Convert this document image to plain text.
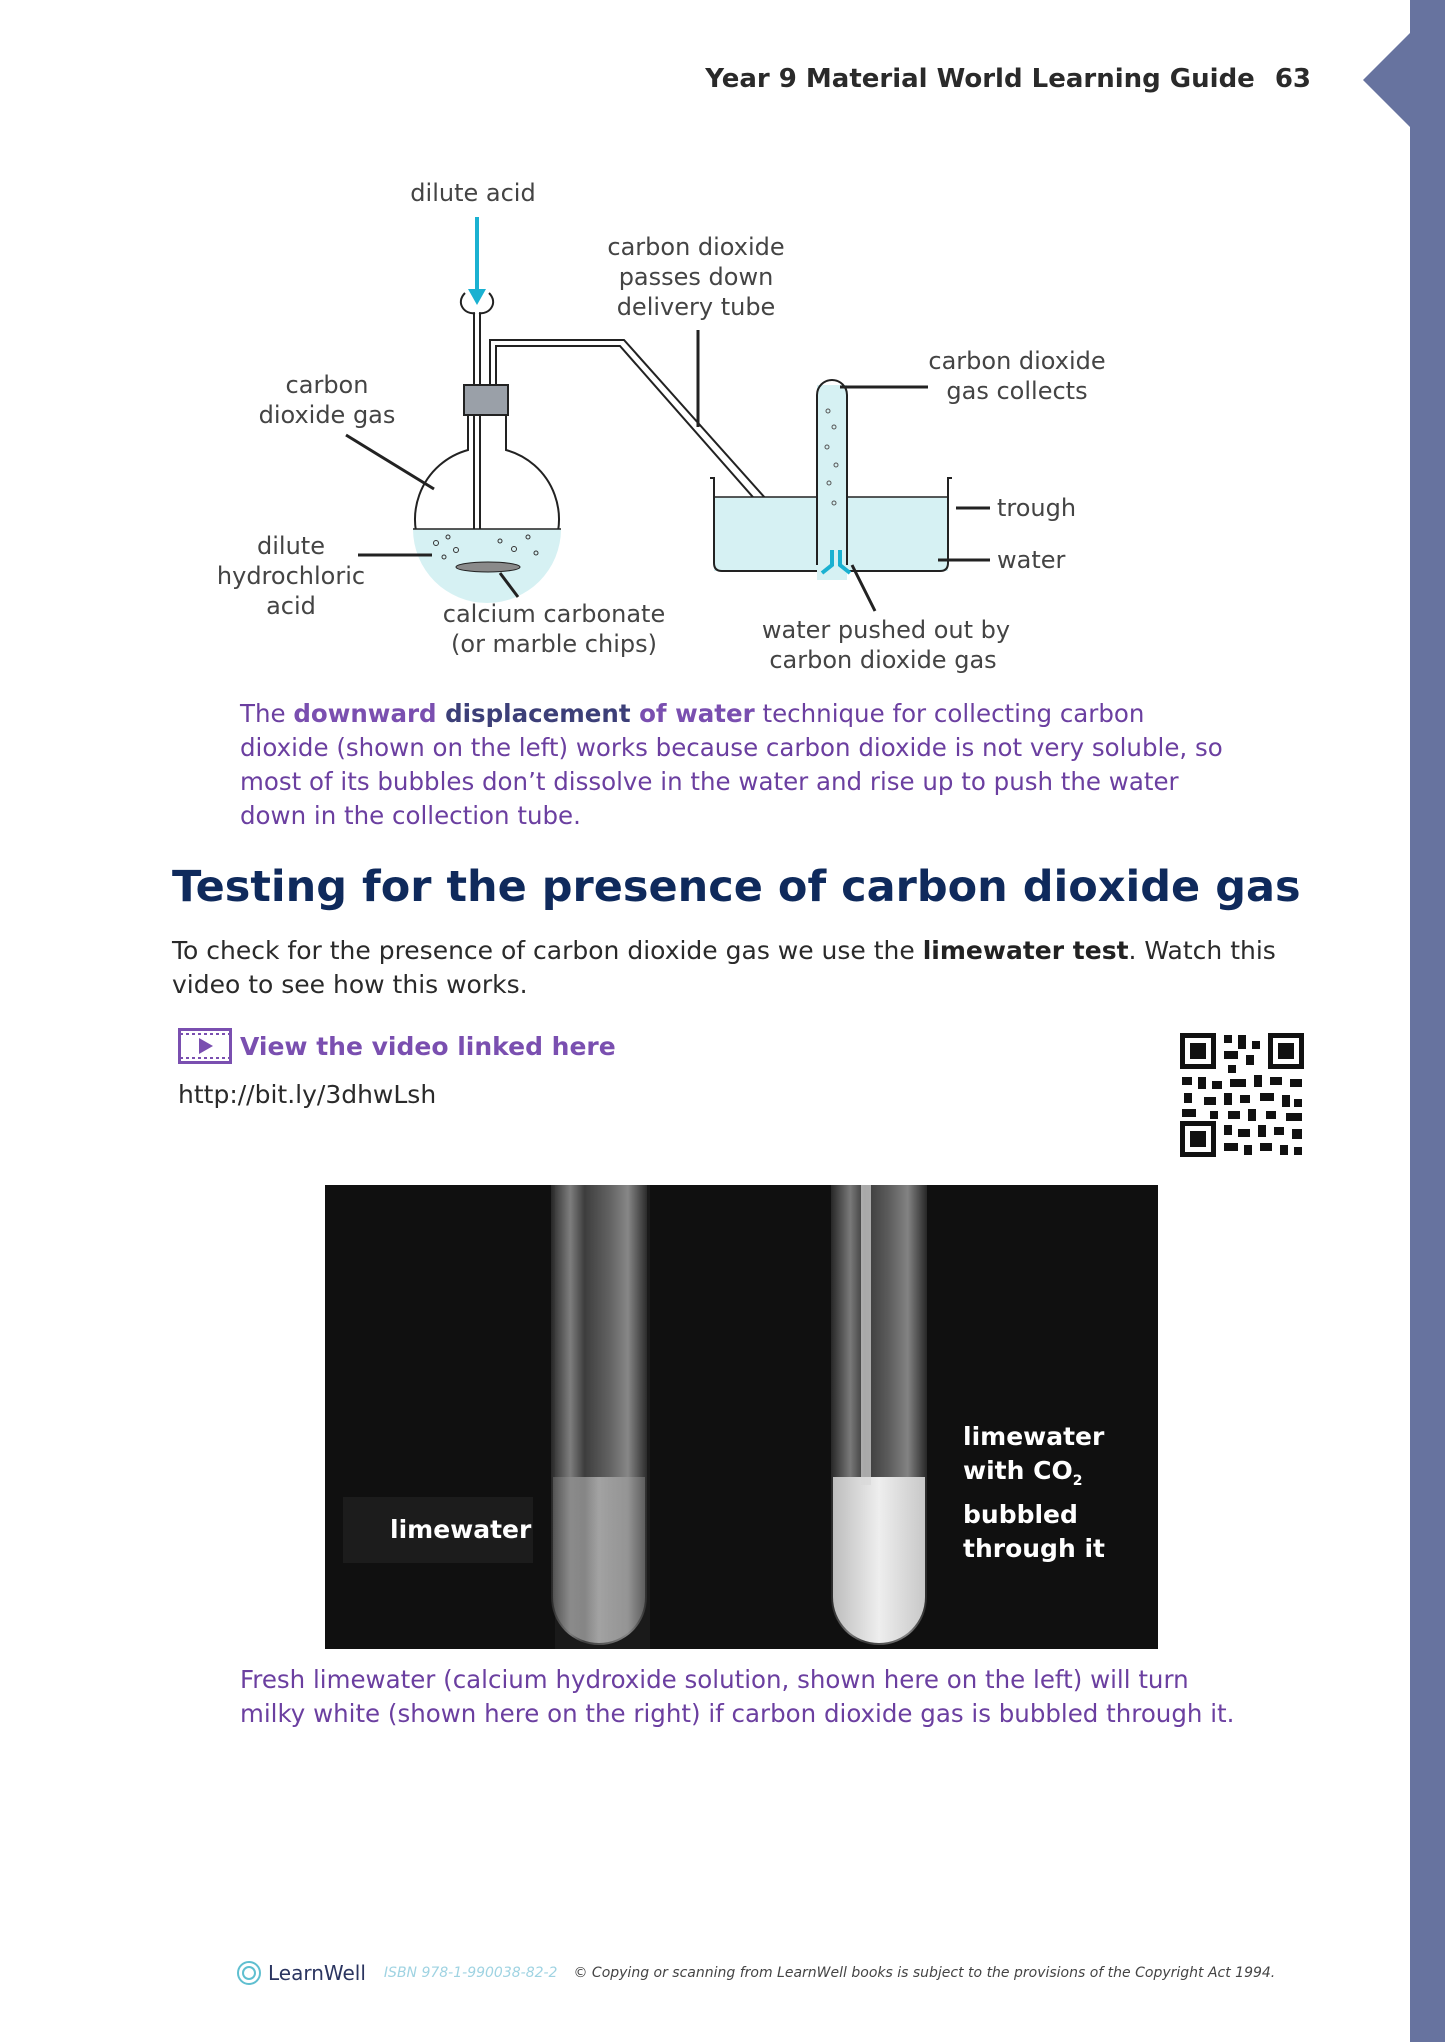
Year 9 Material World Learning Guide 63
dilute acid
carbon dioxide
passes down
delivery tube
carbon dioxide
gas collects
carbon
dioxide gas
trough
water
dilute
hydrochloric
acid	calcium carbonate
(or marble chips)	water pushed out by
carbon dioxide gas
The downward displacement of water technique for collecting carbon dioxide (shown on the left) works because carbon dioxide is not very soluble, so most of its bubbles don’t dissolve in the water and rise up to push the water down in the collection tube.
Testing for the presence of carbon dioxide gas
To check for the presence of carbon dioxide gas we use the limewater test. Watch this video to see how this works.
View the video linked here
http://bit.ly/3dhwLsh
limewater
limewater
with $CO_2$
bubbled
through it
Fresh limewater (calcium hydroxide solution, shown here on the left) will turn milky white (shown here on the right) if carbon dioxide gas is bubbled through it.
LearnWell ISBN 978-1-990038-82-2 © Copying or scanning from LearnWell books is subject to the provisions of the Copyright Act 1994.
